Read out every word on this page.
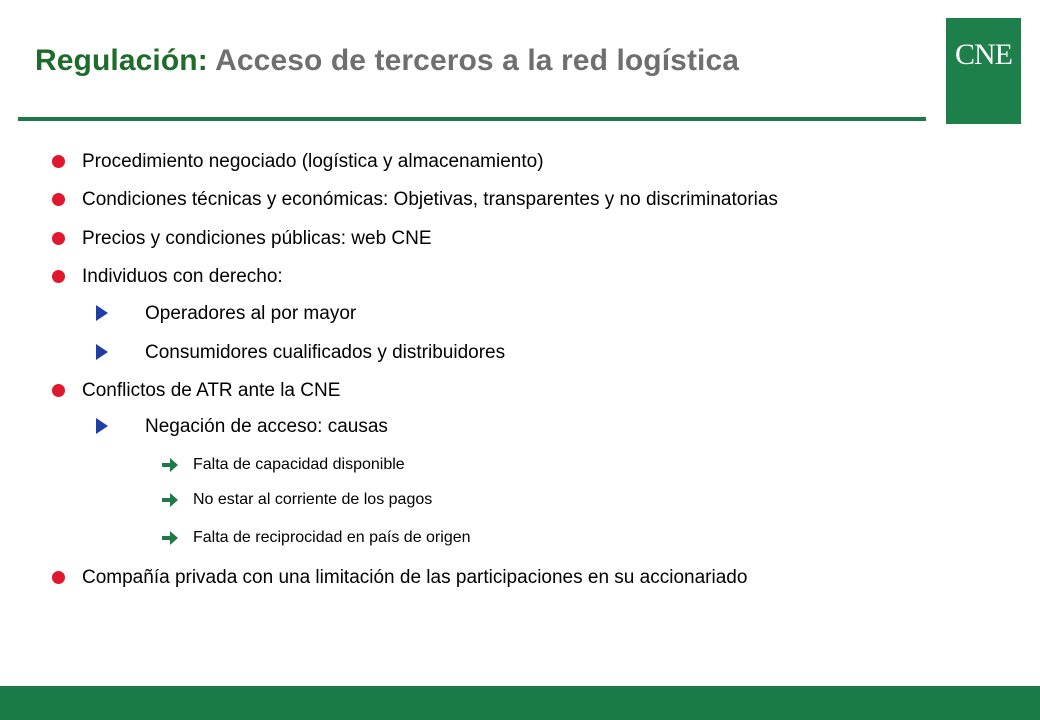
Regulación: Acceso de terceros a la red logística	CNE
Procedimiento negociado (logística y almacenamiento)
Condiciones técnicas y económicas: Objetivas, transparentes y no discriminatorias
Precios y condiciones públicas: web CNE
Individuos con derecho:
Operadores al por mayor
Consumidores cualificados y distribuidores
Conflictos de ATR ante la CNE
Negación de acceso: causas
Falta de capacidad disponible
No estar al corriente de los pagos
Falta de reciprocidad en país de origen
Compañía privada con una limitación de las participaciones en su accionariado
